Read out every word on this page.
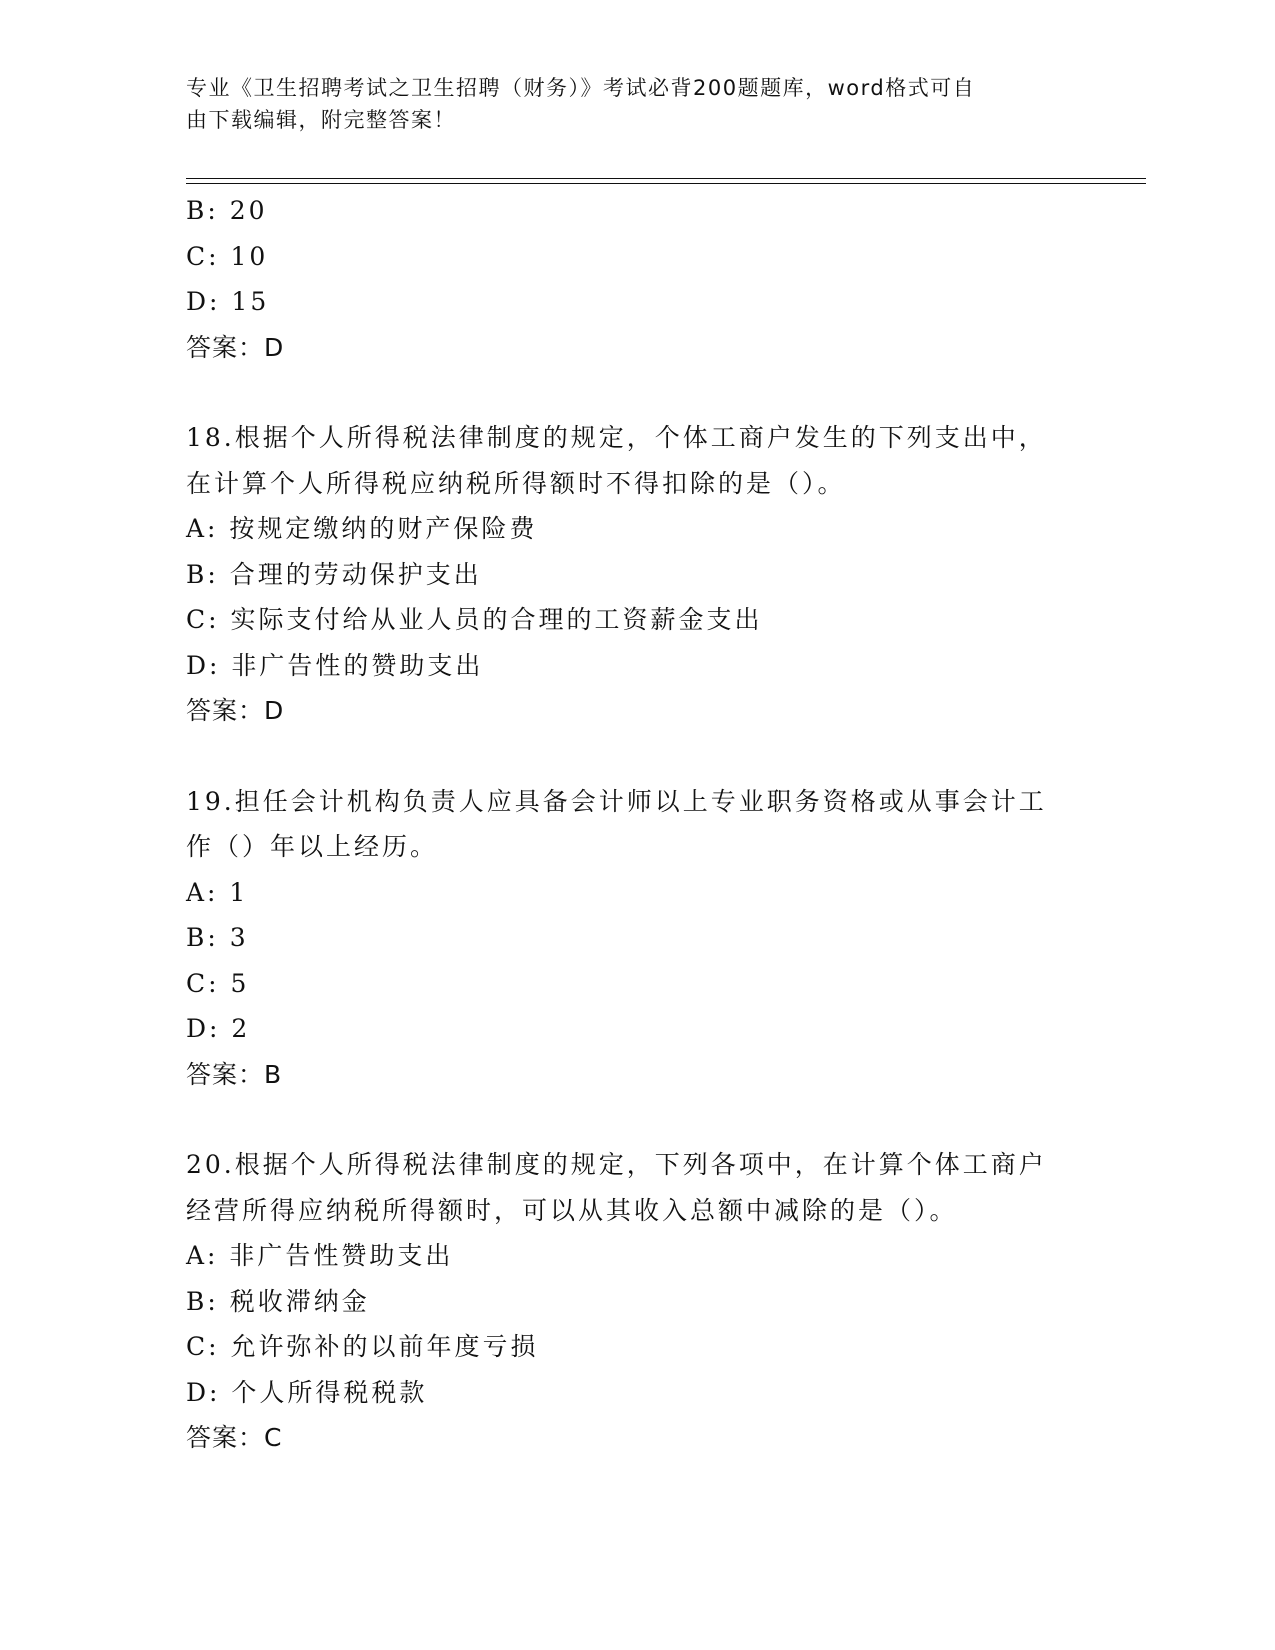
专业《卫生招聘考试之卫生招聘（财务）》考试必背200题题库，word格式可自
由下载编辑，附完整答案！
B: 20
C: 10
D: 15
答案：D
18.根据个人所得税法律制度的规定，个体工商户发生的下列支出中，
在计算个人所得税应纳税所得额时不得扣除的是（）。
A: 按规定缴纳的财产保险费
B: 合理的劳动保护支出
C: 实际支付给从业人员的合理的工资薪金支出
D: 非广告性的赞助支出
答案：D
19.担任会计机构负责人应具备会计师以上专业职务资格或从事会计工
作（）年以上经历。
A: 1
B: 3
C: 5
D: 2
答案：B
20.根据个人所得税法律制度的规定，下列各项中，在计算个体工商户
经营所得应纳税所得额时，可以从其收入总额中减除的是（）。
A: 非广告性赞助支出
B: 税收滞纳金
C: 允许弥补的以前年度亏损
D: 个人所得税税款
答案：C
